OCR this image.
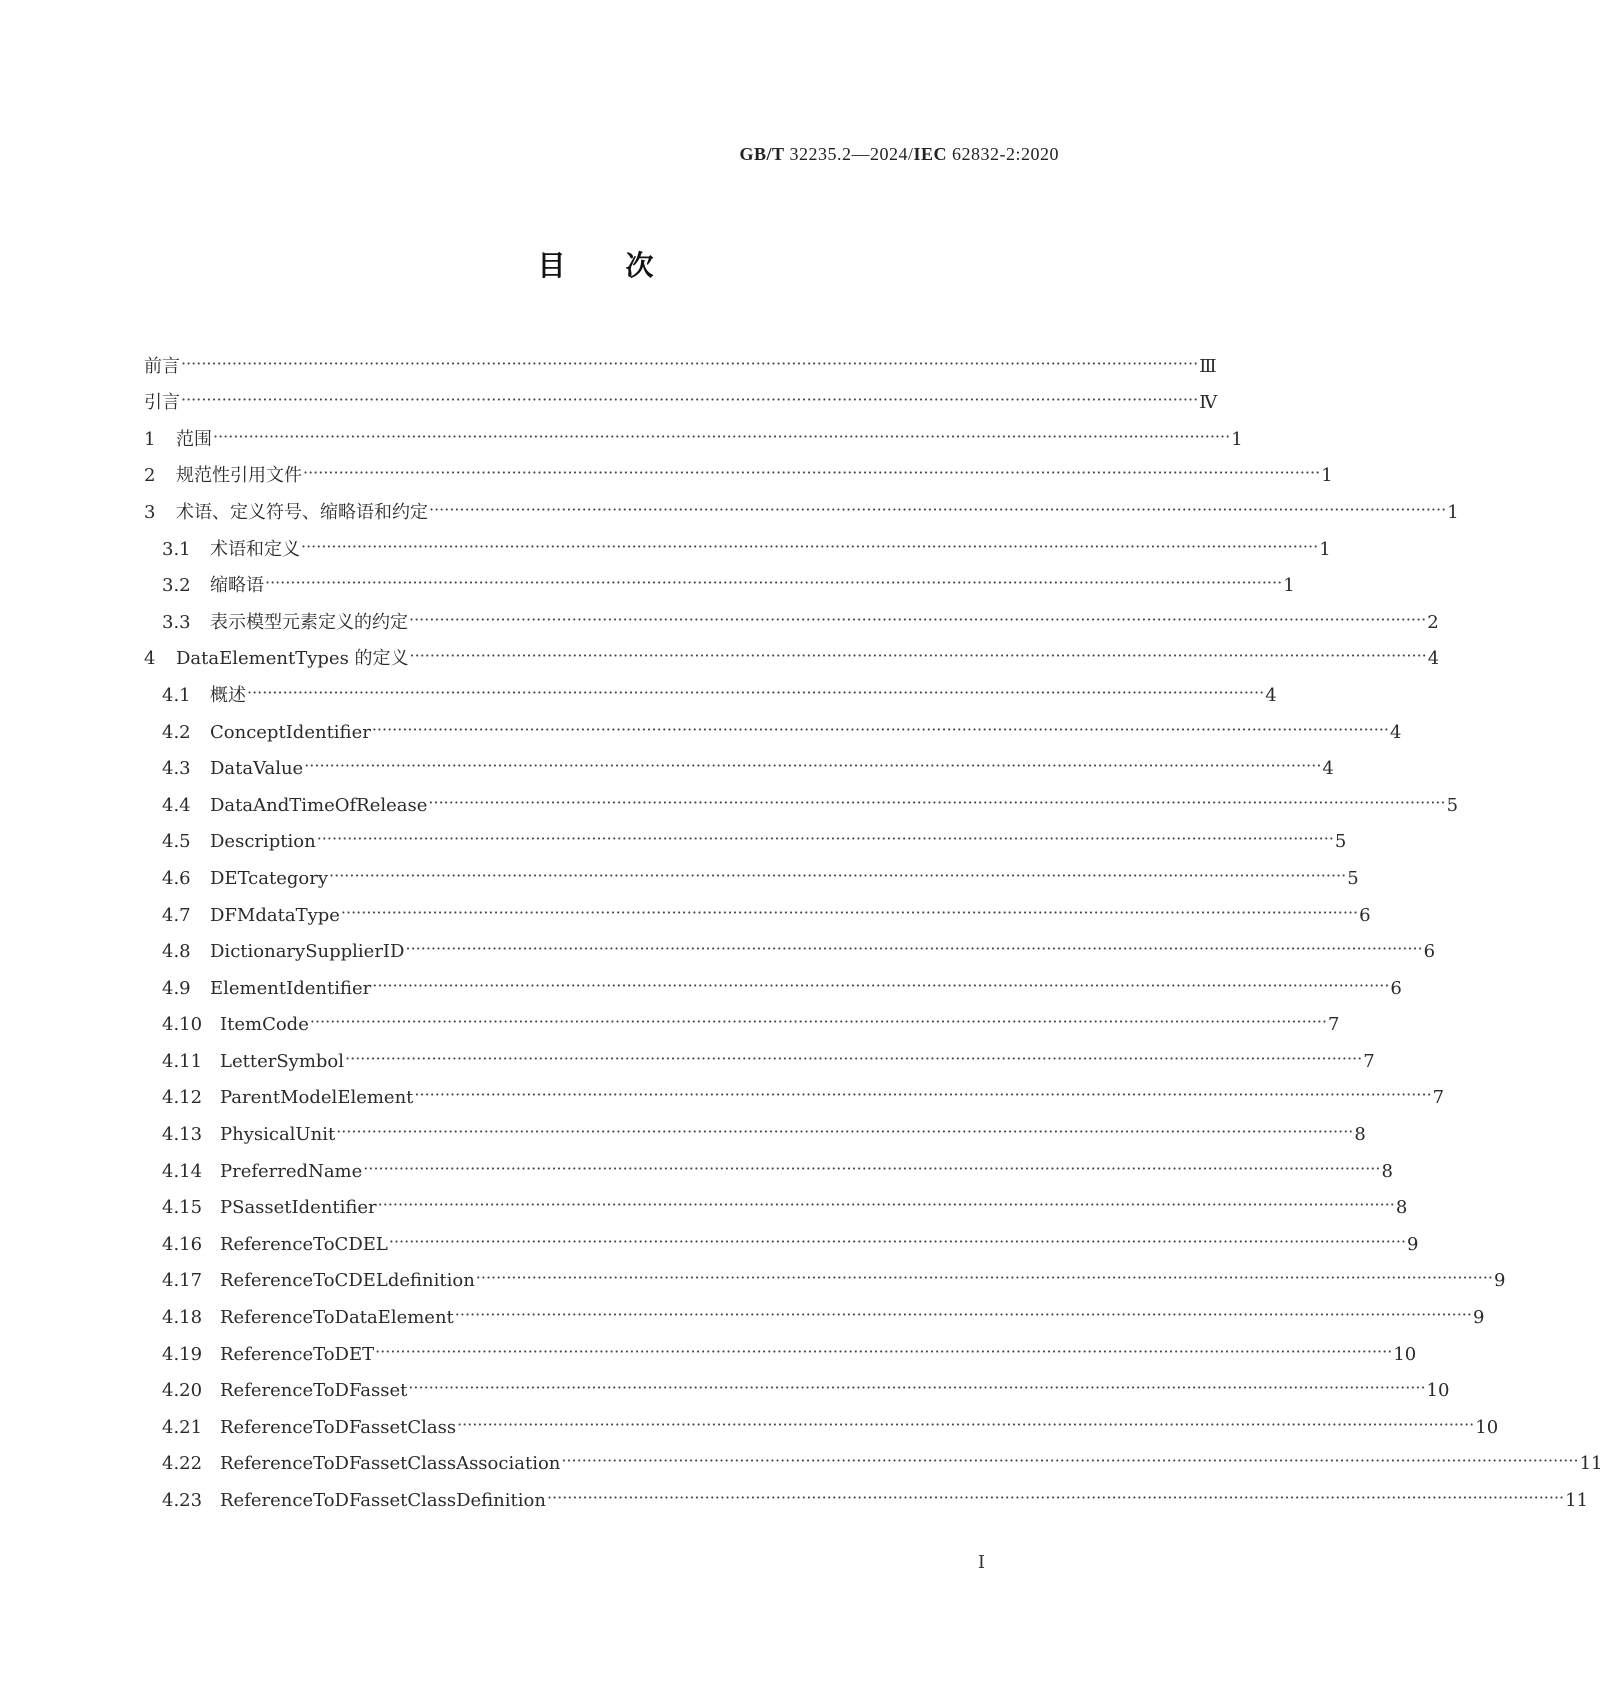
GB/T 32235.2—2024/IEC 62832-2:2020
目次
前言 ········································································································································································································ Ⅲ
引言 ········································································································································································································ Ⅳ
1	范围 ········································································································································································································ 1
2	规范性引用文件 ········································································································································································································ 1
3	术语、定义符号、缩略语和约定 ········································································································································································································ 1
3.1	术语和定义 ········································································································································································································ 1
3.2	缩略语 ········································································································································································································ 1
3.3	表示模型元素定义的约定 ········································································································································································································ 2
4	DataElementTypes 的定义 ········································································································································································································ 4
4.1	概述 ········································································································································································································ 4
4.2	ConceptIdentifier ········································································································································································································ 4
4.3	DataValue ········································································································································································································ 4
4.4	DataAndTimeOfRelease ········································································································································································································ 5
4.5	Description ········································································································································································································ 5
4.6	DETcategory ········································································································································································································ 5
4.7	DFMdataType ········································································································································································································ 6
4.8	DictionarySupplierID ········································································································································································································ 6
4.9	ElementIdentifier ········································································································································································································ 6
4.10 ItemCode ········································································································································································································ 7
4.11 LetterSymbol ········································································································································································································ 7
4.12 ParentModelElement ········································································································································································································ 7
4.13 PhysicalUnit ········································································································································································································ 8
4.14 PreferredName ········································································································································································································ 8
4.15 PSassetIdentifier ········································································································································································································ 8
4.16 ReferenceToCDEL ········································································································································································································ 9
4.17 ReferenceToCDELdefinition ········································································································································································································ 9
4.18 ReferenceToDataElement ········································································································································································································ 9
4.19 ReferenceToDET ········································································································································································································ 10
4.20 ReferenceToDFasset ········································································································································································································ 10
4.21 ReferenceToDFassetClass ········································································································································································································ 10
4.22 ReferenceToDFassetClassAssociation ········································································································································································································ 11
4.23 ReferenceToDFassetClassDefinition ········································································································································································································ 11
I
